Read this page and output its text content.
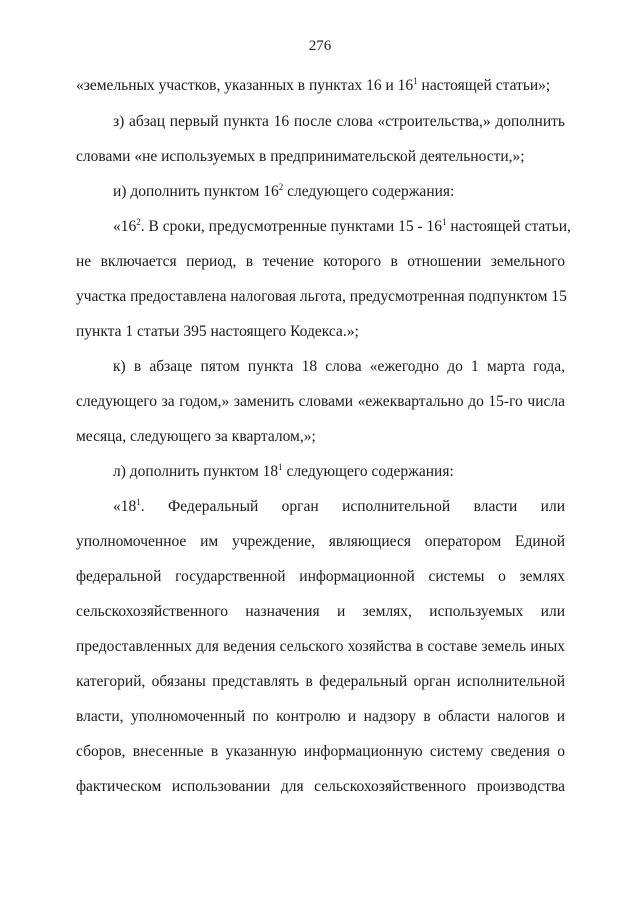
276
«земельных участков, указанных в пунктах 16 и $16^1$ настоящей статьи»;
з) абзац первый пункта 16 после слова «строительства,» дополнить
словами «не используемых в предпринимательской деятельности,»;
и) дополнить пунктом $16^2$ следующего содержания:
«$16^2$. В сроки, предусмотренные пунктами $15 - 16^1$ настоящей статьи,
не включается период, в течение которого в отношении земельного
участка предоставлена налоговая льгота, предусмотренная подпунктом 15
пункта 1 статьи 395 настоящего Кодекса.»;
к) в абзаце пятом пункта 18 слова «ежегодно до 1 марта года,
следующего за годом,» заменить словами «ежеквартально до 15-го числа
месяца, следующего за кварталом,»;
л) дополнить пунктом $18^1$ следующего содержания:
«$18^1$. Федеральный орган исполнительной власти или
уполномоченное им учреждение, являющиеся оператором Единой
федеральной государственной информационной системы о землях
сельскохозяйственного назначения и землях, используемых или
предоставленных для ведения сельского хозяйства в составе земель иных
категорий, обязаны представлять в федеральный орган исполнительной
власти, уполномоченный по контролю и надзору в области налогов и
сборов, внесенные в указанную информационную систему сведения о
фактическом использовании для сельскохозяйственного производства
